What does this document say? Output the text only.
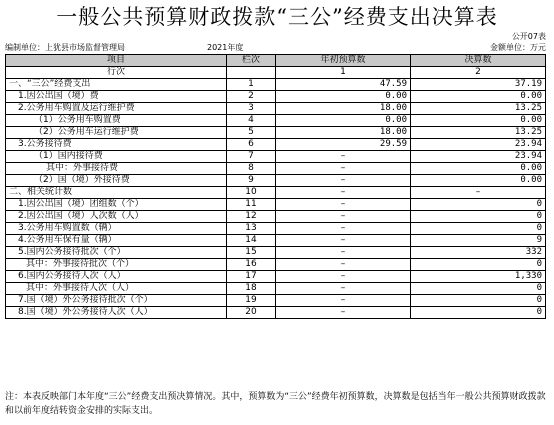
一般公共预算财政拨款“三公”经费支出决算表
公开07表
编制单位：上犹县市场监督管理局	2021年度	金额单位：万元
项目	栏次	年初预算数	决算数
行次		1	2
一、“三公”经费支出	1	47.59	37.19
1.因公出国（境）费	2	0.00	0.00
2.公务用车购置及运行维护费	3	18.00	13.25
（1）公务用车购置费	4	0.00	0.00
（2）公务用车运行维护费	5	18.00	13.25
3.公务接待费	6	29.59	23.94
（1）国内接待费	7	–	23.94
其中：外事接待费	8	–	0.00
（2）国（境）外接待费	9	–	0.00
二、相关统计数	10	–	–
1.因公出国（境）团组数（个）	11	–	0
2.因公出国（境）人次数（人）	12	–	0
3.公务用车购置数（辆）	13	–	0
4.公务用车保有量（辆）	14	–	9
5.国内公务接待批次（个）	15	–	332
其中：外事接待批次（个）	16	–	0
6.国内公务接待人次（人）	17	–	1,330
其中：外事接待人次（人）	18	–	0
7.国（境）外公务接待批次（个）	19	–	0
8.国（境）外公务接待人次（人）	20	–	0
注：本表反映部门本年度“三公”经费支出预决算情况。其中，预算数为“三公”经费年初预算数，决算数是包括当年一般公共预算财政拨款和以前年度结转资金安排的实际支出。
